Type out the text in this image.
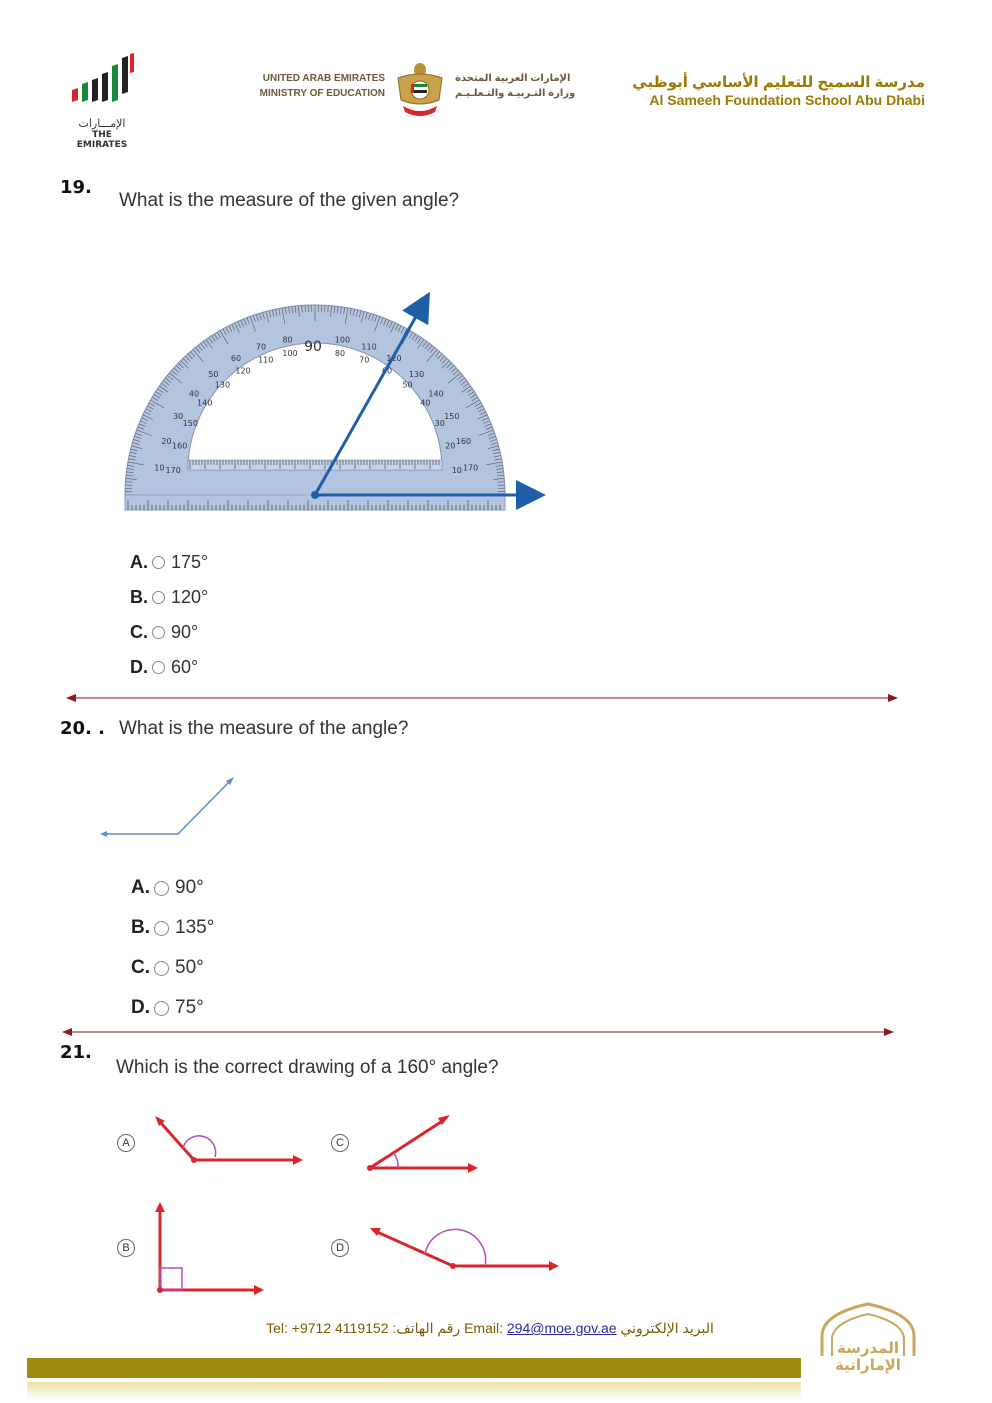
الإمـــارات
THE EMIRATES
UNITED ARAB EMIRATES
MINISTRY OF EDUCATION
الإمارات العربية المتحدة
وزارة التـربيـة والتـعلـيـم
مدرسة السميح للتعليم الأساسي أبوظبي
Al Sameeh Foundation School Abu Dhabi
19.
What is the measure of the given angle?
170
10
160
20
150
30
140
40
130
50
120
60
110
70
100
80
80
100
70
110
60
120
50
130
40
140
30
150
20
160
10 170
90
A. 175°
B. 120°
C. 90°
D. 60°
20. . What is the measure of the angle?
A. 90°
B. 135°
C. 50°
D. 75°
21.
Which is the correct drawing of a 160° angle?
A	C
B	D
Tel: +9712 4119152 :رقم الهاتف Email: 294@moe.gov.ae البريد الإلكتروني
المدرسة الإماراتية
